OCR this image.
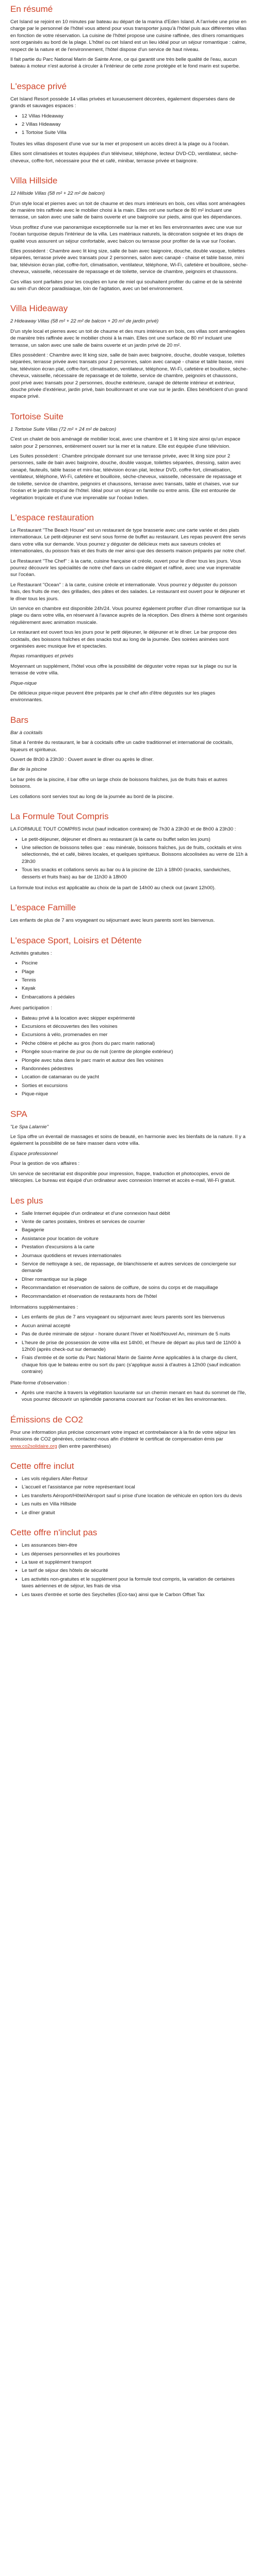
En résumé

Cet Island se rejoint en 10 minutes par bateau au départ de la marina d'Eden Island. A l'arrivée une prise en charge par le personnel de l'hôtel vous attend pour vous transporter jusqu'à l'hôtel puis aux différentes villas en fonction de votre réservation. La cuisine de l'hôtel propose une cuisine raffinée, des dîners romantiques sont organisés au bord de la plage. L'hôtel ou cet Island est un lieu idéal pour un séjour romantique : calme, respect de la nature et de l'environnement, l'hôtel dispose d'un service de haut niveau.

Il fait partie du Parc National Marin de Sainte Anne, ce qui garantit une très belle qualité de l'eau, aucun bateau à moteur n'est autorisé à circuler à l'intérieur de cette zone protégée et le fond marin est superbe.

L'espace privé

Cet Island Resort possède 14 villas privées et luxueusement décorées, également dispersées dans de grands et sauvages espaces :

• 12 Villas Hideaway
• 2 Villas Hideaway
• 1 Tortoise Suite Villa

Toutes les villas disposent d'une vue sur la mer et proposent un accès direct à la plage ou à l'océan.

Elles sont climatisées et toutes équipées d'un téléviseur, téléphone, lecteur DVD-CD, ventilateur, sèche-cheveux, coffre-fort, nécessaire pour thé et café, minibar, terrasse privée et baignoire.

Villa Hillside

12 Hillside Villas (58 m² + 22 m² de balcon)

D'un style local et pierres avec un toit de chaume et des murs intérieurs en bois, ces villas sont aménagées de manière très raffinée avec le mobilier choisi à la main. Elles ont une surface de 80 m² incluant une terrasse, un salon avec une salle de bains ouverte et une baignoire sur pieds, ainsi que les dépendances.

Vous profitez d'une vue panoramique exceptionnelle sur la mer et les îles environnantes avec une vue sur l'océan turquoise depuis l'intérieur de la villa. Les matériaux naturels, la décoration soignée et les draps de qualité vous assurent un séjour confortable, avec balcon ou terrasse pour profiter de la vue sur l'océan.

Elles possèdent : Chambre avec lit king size, salle de bain avec baignoire, douche, double vasque, toilettes séparées, terrasse privée avec transats pour 2 personnes, salon avec canapé - chaise et table basse, mini bar, télévision écran plat, coffre-fort, climatisation, ventilateur, téléphone, Wi-Fi, cafetière et bouilloire, sèche-cheveux, vaisselle, nécessaire de repassage et de toilette, service de chambre, peignoirs et chaussons.

Ces villas sont parfaites pour les couples en lune de miel qui souhaitent profiter du calme et de la sérénité au sein d'un décor paradisiaque, loin de l'agitation, avec un bel environnement.

Villa Hideaway

2 Hideaway Villas (58 m² + 22 m² de balcon + 20 m² de jardin privé)

D'un style local et pierres avec un toit de chaume et des murs intérieurs en bois, ces villas sont aménagées de manière très raffinée avec le mobilier choisi à la main. Elles ont une surface de 80 m² incluant une terrasse, un salon avec une salle de bains ouverte et un jardin privé de 20 m².

Elles possèdent : Chambre avec lit king size, salle de bain avec baignoire, douche, double vasque, toilettes séparées, terrasse privée avec transats pour 2 personnes, salon avec canapé - chaise et table basse, mini bar, télévision écran plat, coffre-fort, climatisation, ventilateur, téléphone, Wi-Fi, cafetière et bouilloire, sèche-cheveux, vaisselle, nécessaire de repassage et de toilette, service de chambre, peignoirs et chaussons, pool privé avec transats pour 2 personnes, douche extérieure, canapé de détente intérieur et extérieur, douche privée d'extérieur, jardin privé, bain bouillonnant et une vue sur le jardin. Elles bénéficient d'un grand espace privé.

Tortoise Suite

1 Tortoise Suite Villas (72 m² + 24 m² de balcon)

C'est un chalet de bois aménagé de mobilier local, avec une chambre et 1 lit king size ainsi qu'un espace salon pour 2 personnes, entièrement ouvert sur la mer et la nature. Elle est équipée d'une télévision.

Les Suites possèdent : Chambre principale donnant sur une terrasse privée, avec lit king size pour 2 personnes, salle de bain avec baignoire, douche, double vasque, toilettes séparées, dressing, salon avec canapé, fauteuils, table basse et mini-bar, télévision écran plat, lecteur DVD, coffre-fort, climatisation, ventilateur, téléphone, Wi-Fi, cafetière et bouilloire, sèche-cheveux, vaisselle, nécessaire de repassage et de toilette, service de chambre, peignoirs et chaussons, terrasse avec transats, table et chaises, vue sur l'océan et le jardin tropical de l'hôtel. Idéal pour un séjour en famille ou entre amis. Elle est entourée de végétation tropicale et d'une vue imprenable sur l'océan Indien.

L'espace restauration

Le Restaurant "The Beach House" est un restaurant de type brasserie avec une carte variée et des plats internationaux. Le petit-déjeuner est servi sous forme de buffet au restaurant. Les repas peuvent être servis dans votre villa sur demande. Vous pourrez y déguster de délicieux mets aux saveurs créoles et internationales, du poisson frais et des fruits de mer ainsi que des desserts maison préparés par notre chef.

Le Restaurant "The Chef" : à la carte, cuisine française et créole, ouvert pour le dîner tous les jours. Vous pourrez découvrir les spécialités de notre chef dans un cadre élégant et raffiné, avec une vue imprenable sur l'océan.

Le Restaurant "Ocean" : à la carte, cuisine créole et internationale. Vous pourrez y déguster du poisson frais, des fruits de mer, des grillades, des pâtes et des salades. Le restaurant est ouvert pour le déjeuner et le dîner tous les jours.

Un service en chambre est disponible 24h/24. Vous pourrez également profiter d'un dîner romantique sur la plage ou dans votre villa, en réservant à l'avance auprès de la réception. Des dîners à thème sont organisés régulièrement avec animation musicale.

Le restaurant est ouvert tous les jours pour le petit déjeuner, le déjeuner et le dîner. Le bar propose des cocktails, des boissons fraîches et des snacks tout au long de la journée. Des soirées animées sont organisées avec musique live et spectacles.

Repas romantiques et privés

Moyennant un supplément, l'hôtel vous offre la possibilité de déguster votre repas sur la plage ou sur la terrasse de votre villa.

Pique-nique

De délicieux pique-nique peuvent être préparés par le chef afin d'être dégustés sur les plages environnantes.

Bars

Bar à cocktails

Situé à l'entrée du restaurant, le bar à cocktails offre un cadre traditionnel et international de cocktails, liqueurs et spiritueux.

Ouvert de 8h30 à 23h30 : Ouvert avant le dîner ou après le dîner.

Bar de la piscine

Le bar près de la piscine, il bar offre un large choix de boissons fraîches, jus de fruits frais et autres boissons.

Les collations sont servies tout au long de la journée au bord de la piscine.

La Formule Tout Compris

LA FORMULE TOUT COMPRIS inclut (sauf indication contraire) de 7h30 à 23h30 et de 8h00 à 23h30 :

• Le petit-déjeuner, déjeuner et dîners au restaurant (à la carte ou buffet selon les jours)
• Une sélection de boissons telles que : eau minérale, boissons fraîches, jus de fruits, cocktails et vins sélectionnés, thé et café, bières locales, et quelques spiritueux. Boissons alcoolisées au verre de 11h à 23h30
• Tous les snacks et collations servis au bar ou à la piscine de 11h à 18h00 (snacks, sandwiches, desserts et fruits frais) au bar de 11h30 à 18h00

La formule tout inclus est applicable au choix de la part de 14h00 au check out (avant 12h00).

L'espace Famille

Les enfants de plus de 7 ans voyageant ou séjournant avec leurs parents sont les bienvenus.

L'espace Sport, Loisirs et Détente

Activités gratuites :

• Piscine
• Plage
• Tennis
• Kayak
• Embarcations à pédales

Avec participation :

• Bateau privé à la location avec skipper expérimenté
• Excursions et découvertes des îles voisines
• Excursions à vélo, promenades en mer
• Pêche côtière et pêche au gros (hors du parc marin national)
• Plongée sous-marine de jour ou de nuit (centre de plongée extérieur)
• Plongée avec tuba dans le parc marin et autour des îles voisines
• Randonnées pédestres
• Location de catamaran ou de yacht
• Sorties et excursions
• Pique-nique
SPA

"Le Spa Lalarnie"

Le Spa offre un éventail de massages et soins de beauté, en harmonie avec les bienfaits de la nature. Il y a également la possibilité de se faire masser dans votre villa.

Espace professionnel

Pour la gestion de vos affaires :

Un service de secrétariat est disponible pour impression, frappe, traduction et photocopies, envoi de télécopies. Le bureau est équipé d'un ordinateur avec connexion Internet et accès e-mail, Wi-Fi gratuit.

Les plus
• Salle Internet équipée d'un ordinateur et d'une connexion haut débit
• Vente de cartes postales, timbres et services de courrier
• Bagagerie
• Assistance pour location de voiture
• Prestation d'excursions à la carte
• Journaux quotidiens et revues internationales
• Service de nettoyage à sec, de repassage, de blanchisserie et autres services de conciergerie sur demande
• Dîner romantique sur la plage
• Recommandation et réservation de salons de coiffure, de soins du corps et de maquillage
• Recommandation et réservation de restaurants hors de l'hôtel

Informations supplémentaires :

• Les enfants de plus de 7 ans voyageant ou séjournant avec leurs parents sont les bienvenus
• Aucun animal accepté
• Pas de durée minimale de séjour - horaire durant l'hiver et Noël/Nouvel An, minimum de 5 nuits
• L'heure de prise de possession de votre villa est 14h00, et l'heure de départ au plus tard de 11h00 à 12h00 (après check-out sur demande)
• Frais d'entrée et de sortie du Parc National Marin de Sainte Anne applicables à la charge du client, chaque fois que le bateau entre ou sort du parc (s'applique aussi à d'autres à 12h00 (sauf indication contraire)

Plate-forme d'observation :

• Après une marche à travers la végétation luxuriante sur un chemin menant en haut du sommet de l'île, vous pourrez découvrir un splendide panorama couvrant sur l'océan et les îles environnantes.
Émissions de CO2

Pour une information plus précise concernant votre impact et contrebalancer à la fin de votre séjour les émissions de CO2 générées, contactez-nous afin d'obtenir le certificat de compensation émis par www.co2solidaire.org (lien entre parenthèses)

Cette offre inclut
• Les vols réguliers Aller-Retour
• L'accueil et l'assistance par notre représentant local
• Les transferts Aéroport/Hôtel/Aéroport sauf si prise d'une location de véhicule en option lors du devis
• Les nuits en Villa Hillside
• Le dîner gratuit
Cette offre n'inclut pas
• Les assurances bien-être
• Les dépenses personnelles et les pourboires
• La taxe et supplément transport
• Le tarif de séjour des hôtels de sécurité
• Les activités non-gratuites et le supplément pour la formule tout compris, la variation de certaines taxes aériennes et de séjour, les frais de visa
• Les taxes d'entrée et sortie des Seychelles (Eco-tax) ainsi que le Carbon Offset Tax
